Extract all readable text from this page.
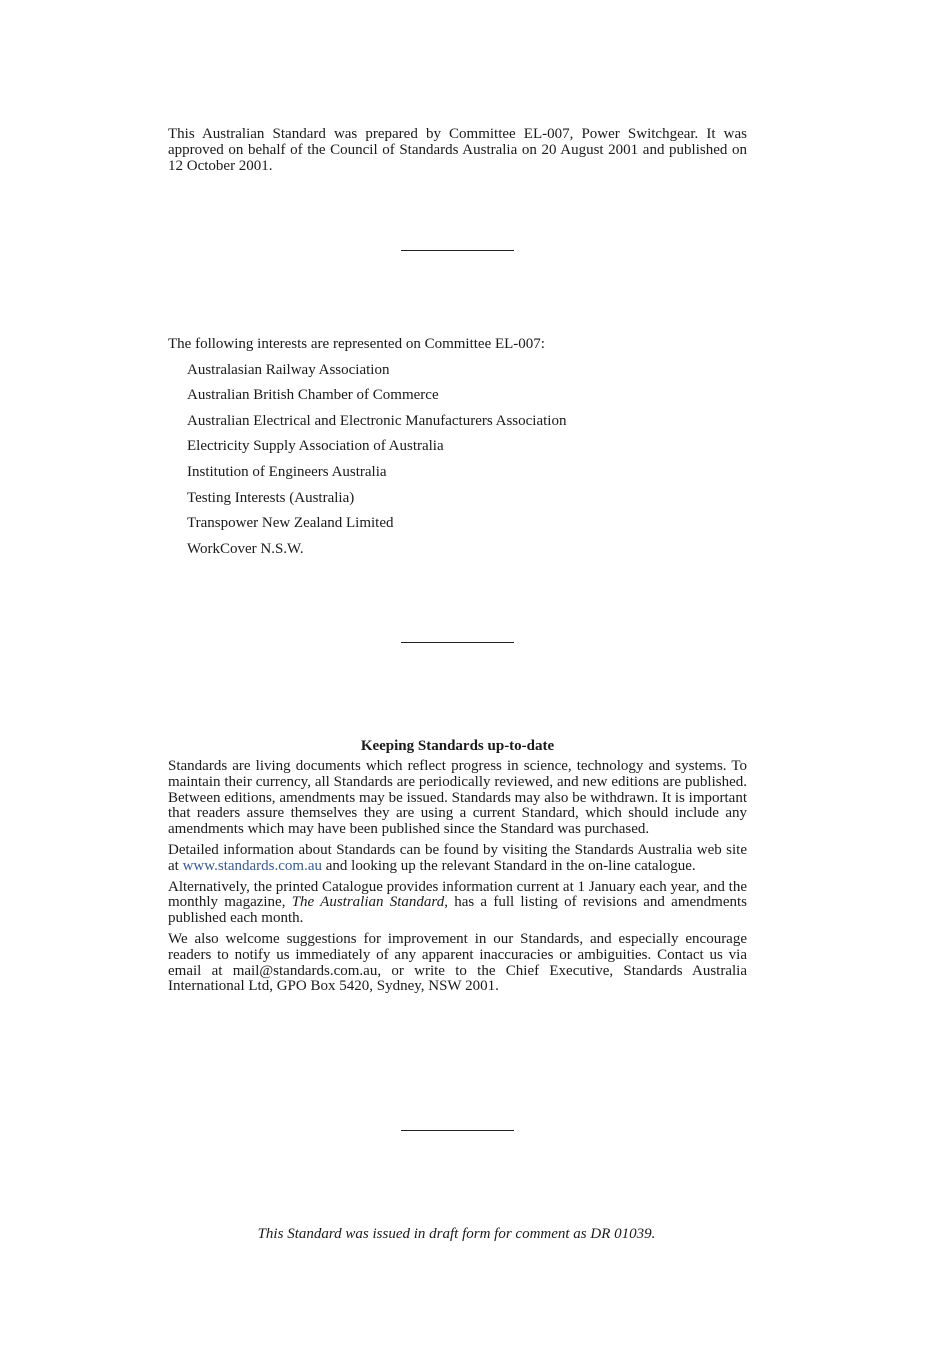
This Australian Standard was prepared by Committee EL-007, Power Switchgear. It was approved on behalf of the Council of Standards Australia on 20 August 2001 and published on 12 October 2001.

The following interests are represented on Committee EL-007:

Australasian Railway Association
Australian British Chamber of Commerce
Australian Electrical and Electronic Manufacturers Association
Electricity Supply Association of Australia
Institution of Engineers Australia
Testing Interests (Australia)
Transpower New Zealand Limited
WorkCover N.S.W.
Keeping Standards up-to-date

Standards are living documents which reflect progress in science, technology and systems. To maintain their currency, all Standards are periodically reviewed, and new editions are published. Between editions, amendments may be issued. Standards may also be withdrawn. It is important that readers assure themselves they are using a current Standard, which should include any amendments which may have been published since the Standard was purchased.

Detailed information about Standards can be found by visiting the Standards Australia web site at www.standards.com.au and looking up the relevant Standard in the on-line catalogue.

Alternatively, the printed Catalogue provides information current at 1 January each year, and the monthly magazine, The Australian Standard, has a full listing of revisions and amendments published each month.

We also welcome suggestions for improvement in our Standards, and especially encourage readers to notify us immediately of any apparent inaccuracies or ambiguities. Contact us via email at mail@standards.com.au, or write to the Chief Executive, Standards Australia International Ltd, GPO Box 5420, Sydney, NSW 2001.

This Standard was issued in draft form for comment as DR 01039.
